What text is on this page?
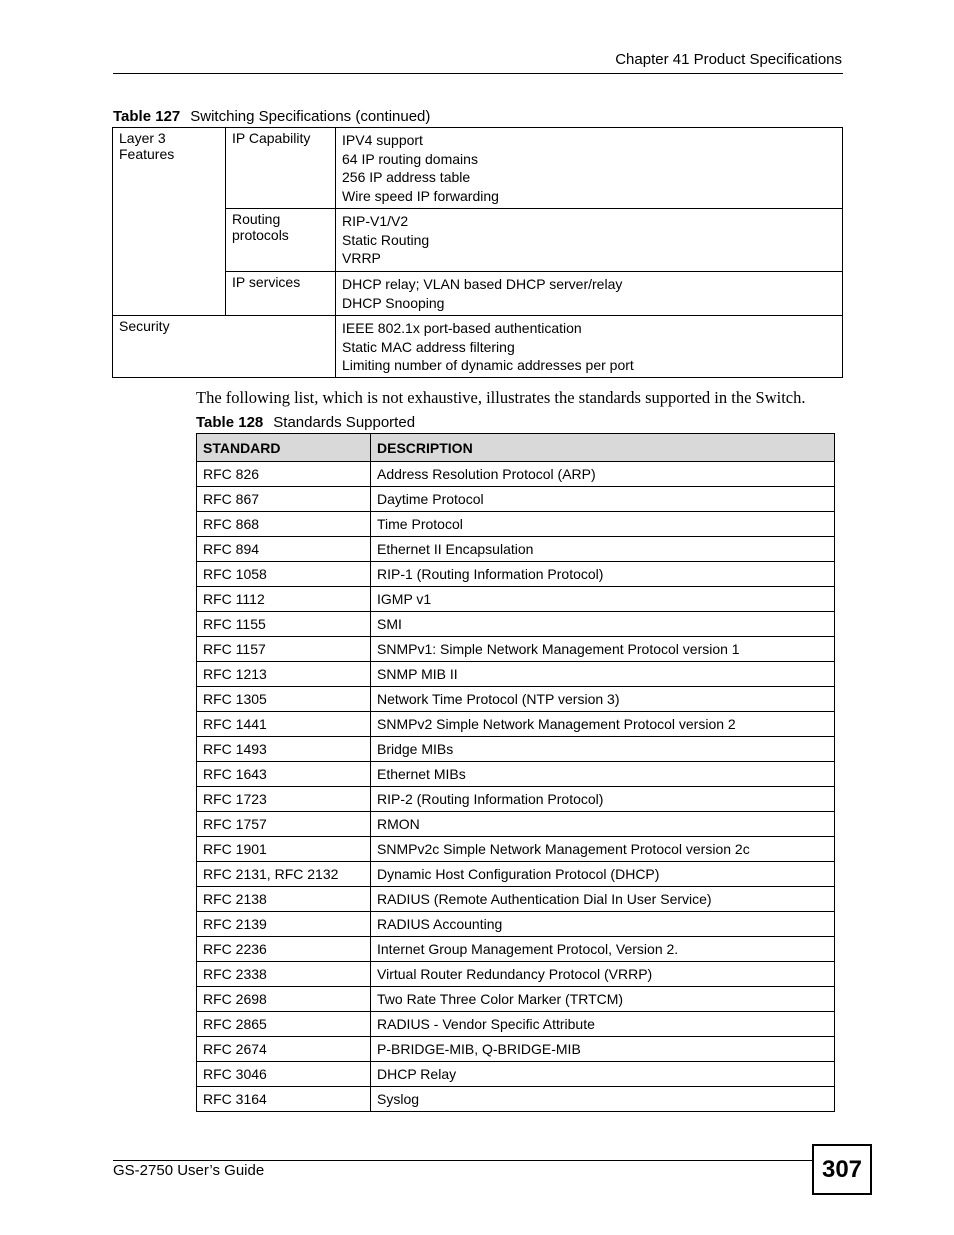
Chapter 41 Product Specifications
Table 127 Switching Specifications (continued)
Layer 3
Features	IP Capability	IPV4 support
64 IP routing domains
256 IP address table
Wire speed IP forwarding

	Routing
protocols	RIP-V1/V2
Static Routing
VRRP

	IP services	DHCP relay; VLAN based DHCP server/relay
DHCP Snooping

Security		IEEE 802.1x port-based authentication
Static MAC address filtering
Limiting number of dynamic addresses per port
The following list, which is not exhaustive, illustrates the standards supported in the Switch.
Table 128 Standards Supported
STANDARD	DESCRIPTION
RFC 826	Address Resolution Protocol (ARP)
RFC 867	Daytime Protocol
RFC 868	Time Protocol
RFC 894	Ethernet II Encapsulation
RFC 1058	RIP-1 (Routing Information Protocol)
RFC 1112	IGMP v1
RFC 1155	SMI
RFC 1157	SNMPv1: Simple Network Management Protocol version 1
RFC 1213	SNMP MIB II
RFC 1305	Network Time Protocol (NTP version 3)
RFC 1441	SNMPv2 Simple Network Management Protocol version 2
RFC 1493	Bridge MIBs
RFC 1643	Ethernet MIBs
RFC 1723	RIP-2 (Routing Information Protocol)
RFC 1757	RMON
RFC 1901	SNMPv2c Simple Network Management Protocol version 2c
RFC 2131, RFC 2132	Dynamic Host Configuration Protocol (DHCP)
RFC 2138	RADIUS (Remote Authentication Dial In User Service)
RFC 2139	RADIUS Accounting
RFC 2236	Internet Group Management Protocol, Version 2.
RFC 2338	Virtual Router Redundancy Protocol (VRRP)
RFC 2698	Two Rate Three Color Marker (TRTCM)
RFC 2865	RADIUS - Vendor Specific Attribute
RFC 2674	P-BRIDGE-MIB, Q-BRIDGE-MIB
RFC 3046	DHCP Relay
RFC 3164	Syslog
GS-2750 User’s Guide	307
